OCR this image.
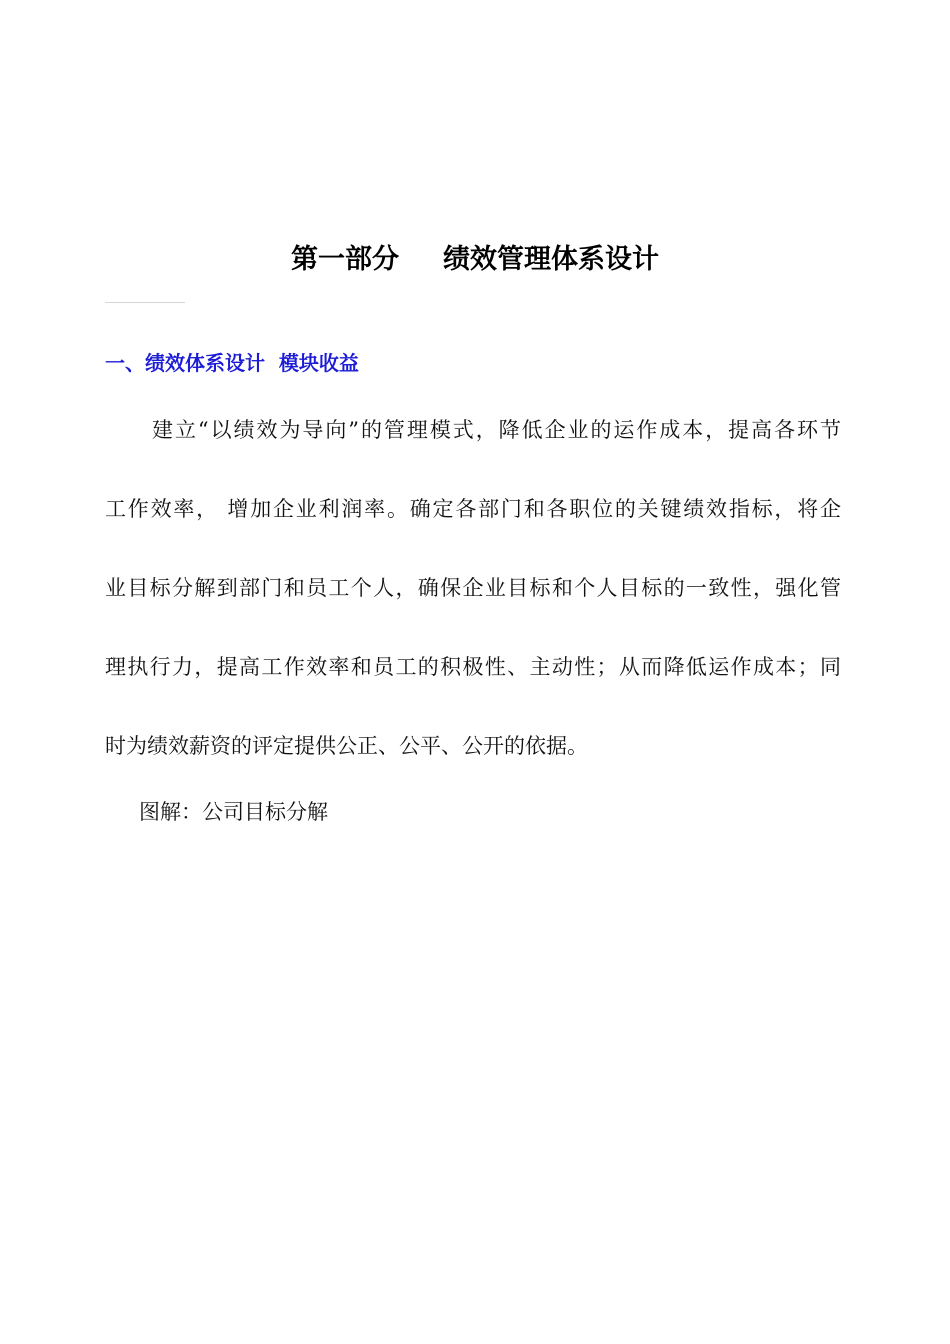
第一部分 绩效管理体系设计
一、绩效体系设计  模块收益
建立“以绩效为导向”的管理模式，降低企业的运作成本，提高各环节
工作效率， 增加企业利润率。确定各部门和各职位的关键绩效指标，将企
业目标分解到部门和员工个人，确保企业目标和个人目标的一致性，强化管
理执行力，提高工作效率和员工的积极性、主动性；从而降低运作成本；同
时为绩效薪资的评定提供公正、公平、公开的依据。
图解：公司目标分解
